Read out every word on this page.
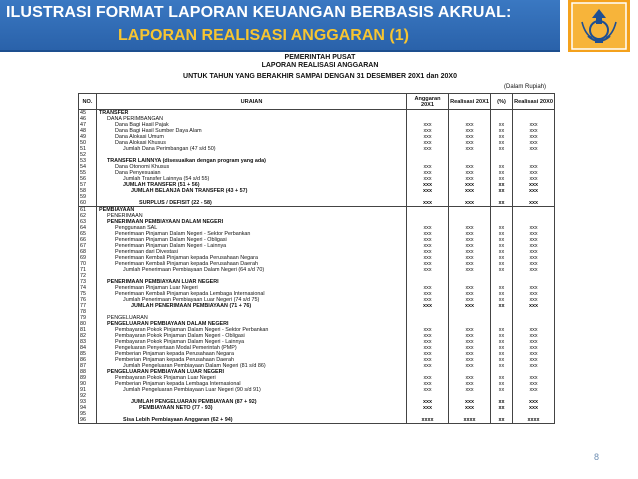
ILUSTRASI FORMAT LAPORAN KEUANGAN BERBASIS AKRUAL:
LAPORAN REALISASI ANGGARAN (1)
PEMERINTAH PUSAT
LAPORAN REALISASI ANGGARAN
UNTUK TAHUN YANG BERAKHIR SAMPAI DENGAN 31 DESEMBER 20X1 dan 20X0
(Dalam Rupiah)
NO.	URAIAN	Anggaran 20X1	Realisasi 20X1	(%)	Realisasi 20X0
45	TRANSFER				
46	DANA PERIMBANGAN				
47	Dana Bagi Hasil Pajak	xxx	xxx	xx	xxx
48	Dana Bagi Hasil Sumber Daya Alam	xxx	xxx	xx	xxx
49	Dana Alokasi Umum	xxx	xxx	xx	xxx
50	Dana Alokasi Khusus	xxx	xxx	xx	xxx
51	Jumlah Dana Perimbangan (47 s/d 50)	xxx	xxx	xx	xxx
52					
53	TRANSFER LAINNYA (disesuaikan dengan program yang ada)				
54	Dana Otonomi Khusus	xxx	xxx	xx	xxx
55	Dana Penyesuaian	xxx	xxx	xx	xxx
56	Jumlah Transfer Lainnya (54 s/d 55)	xxx	xxx	xx	xxx
57	JUMLAH TRANSFER (51 + 56)	xxx	xxx	xx	xxx
58	JUMLAH BELANJA DAN TRANSFER (43 + 57)	xxx	xxx	xx	xxx
59					
60	SURPLUS / DEFISIT (22 - 58)	xxx	xxx	xx	xxx
61	PEMBIAYAAN				
62	PENERIMAAN				
63	PENERIMAAN PEMBIAYAAN DALAM NEGERI				
64	Penggunaan SAL	xxx	xxx	xx	xxx
65	Penerimaan Pinjaman Dalam Negeri - Sektor Perbankan	xxx	xxx	xx	xxx
66	Penerimaan Pinjaman Dalam Negeri - Obligasi	xxx	xxx	xx	xxx
67	Penerimaan Pinjaman Dalam Negeri - Lainnya	xxx	xxx	xx	xxx
68	Penerimaan dari Divestasi	xxx	xxx	xx	xxx
69	Penerimaan Kembali Pinjaman kepada Perusahaan Negara	xxx	xxx	xx	xxx
70	Penerimaan Kembali Pinjaman kepada Perusahaan Daerah	xxx	xxx	xx	xxx
71	Jumlah Penerimaan Pembiayaan Dalam Negeri (64 s/d 70)	xxx	xxx	xx	xxx
72					
73	PENERIMAAN PEMBIAYAAN LUAR NEGERI				
74	Penerimaan Pinjaman Luar Negeri	xxx	xxx	xx	xxx
75	Penerimaan Kembali Pinjaman kepada Lembaga Internasional	xxx	xxx	xx	xxx
76	Jumlah Penerimaan Pembiayaan Luar Negeri (74 s/d 75)	xxx	xxx	xx	xxx
77	JUMLAH PENERIMAAN PEMBIAYAAN (71 + 76)	xxx	xxx	xx	xxx
78					
79	PENGELUARAN				
80	PENGELUARAN PEMBIAYAAN DALAM NEGERI				
81	Pembayaran Pokok Pinjaman Dalam Negeri - Sektor Perbankan	xxx	xxx	xx	xxx
82	Pembayaran Pokok Pinjaman Dalam Negeri - Obligasi	xxx	xxx	xx	xxx
83	Pembayaran Pokok Pinjaman Dalam Negeri - Lainnya	xxx	xxx	xx	xxx
84	Pengeluaran Penyertaan Modal Pemerintah (PMP)	xxx	xxx	xx	xxx
85	Pemberian Pinjaman kepada Perusahaan Negara	xxx	xxx	xx	xxx
86	Pemberian Pinjaman kepada Perusahaan Daerah	xxx	xxx	xx	xxx
87	Jumlah Pengeluaran Pembiayaan Dalam Negeri (81 s/d 86)	xxx	xxx	xx	xxx
88	PENGELUARAN PEMBIAYAAN LUAR NEGERI				
89	Pembayaran Pokok Pinjaman Luar Negeri	xxx	xxx	xx	xxx
90	Pemberian Pinjaman kepada Lembaga Internasional	xxx	xxx	xx	xxx
91	Jumlah Pengeluaran Pembiayaan Luar Negeri (90 s/d 91)	xxx	xxx	xx	xxx
92					
93	JUMLAH PENGELUARAN PEMBIAYAAN (87 + 92)	xxx	xxx	xx	xxx
94	PEMBIAYAAN NETO (77 - 93)	xxx	xxx	xx	xxx
95					
96	Sisa Lebih Pembiayaan Anggaran (62 + 94)	xxxx	xxxx	xx	xxxx
8
